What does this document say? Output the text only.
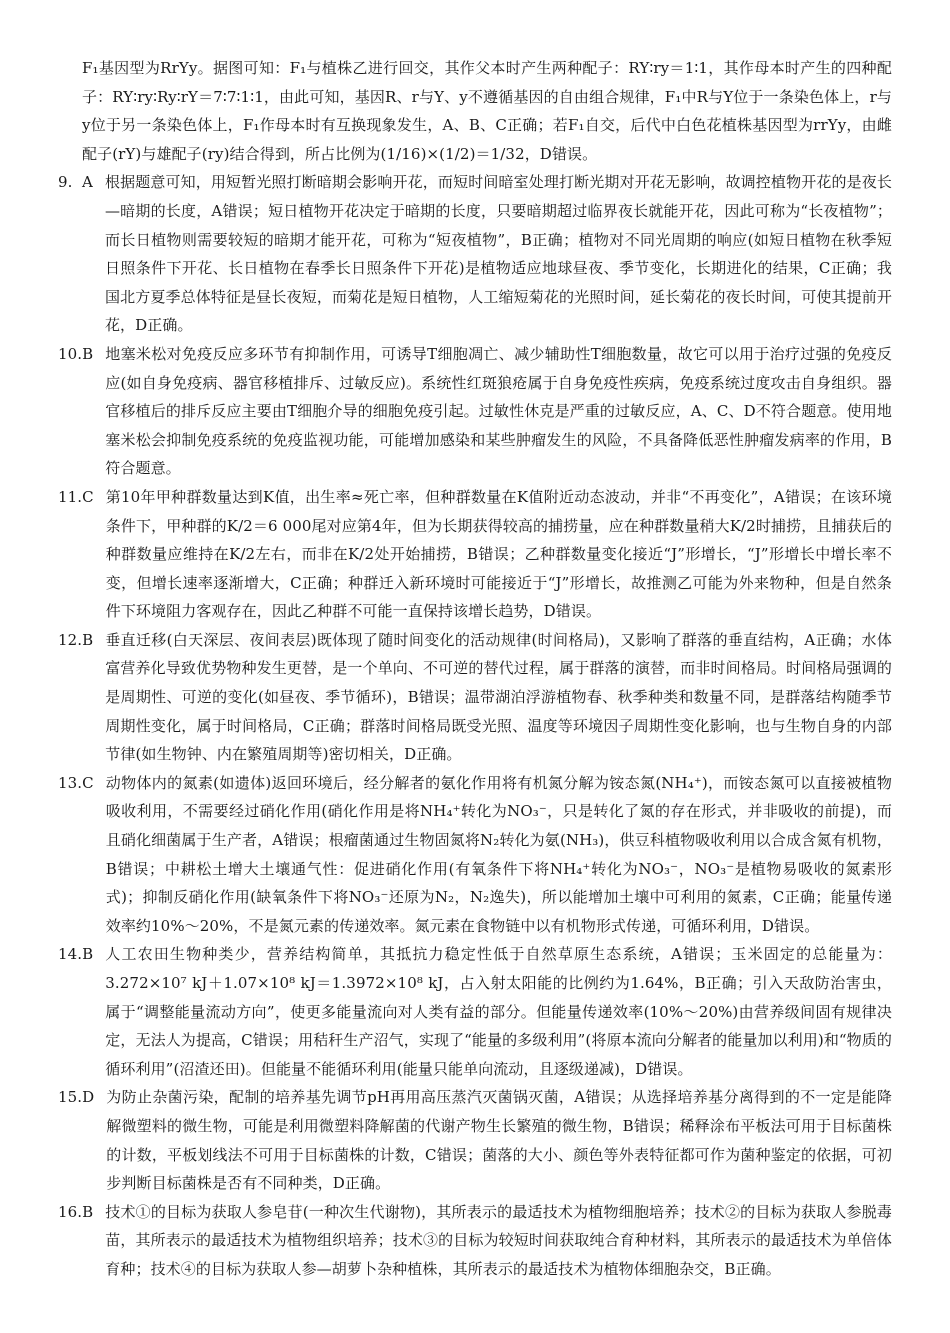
F₁基因型为RrYy。据图可知：F₁与植株乙进行回交，其作父本时产生两种配子：RY∶ry＝1∶1，其作母本时产生的四种配子：RY∶ry∶Ry∶rY＝7∶7∶1∶1，由此可知，基因R、r与Y、y不遵循基因的自由组合规律，F₁中R与Y位于一条染色体上，r与y位于另一条染色体上，F₁作母本时有互换现象发生，A、B、C正确；若F₁自交，后代中白色花植株基因型为rrYy，由雌配子(rY)与雄配子(ry)结合得到，所占比例为(1/16)×(1/2)＝1/32，D错误。
9. A 根据题意可知，用短暂光照打断暗期会影响开花，而短时间暗室处理打断光期对开花无影响，故调控植物开花的是夜长—暗期的长度，A错误；短日植物开花决定于暗期的长度，只要暗期超过临界夜长就能开花，因此可称为“长夜植物”；而长日植物则需要较短的暗期才能开花，可称为“短夜植物”，B正确；植物对不同光周期的响应(如短日植物在秋季短日照条件下开花、长日植物在春季长日照条件下开花)是植物适应地球昼夜、季节变化，长期进化的结果，C正确；我国北方夏季总体特征是昼长夜短，而菊花是短日植物，人工缩短菊花的光照时间，延长菊花的夜长时间，可使其提前开花，D正确。
10. B 地塞米松对免疫反应多环节有抑制作用，可诱导T细胞凋亡、减少辅助性T细胞数量，故它可以用于治疗过强的免疫反应(如自身免疫病、器官移植排斥、过敏反应)。系统性红斑狼疮属于自身免疫性疾病，免疫系统过度攻击自身组织。器官移植后的排斥反应主要由T细胞介导的细胞免疫引起。过敏性休克是严重的过敏反应，A、C、D不符合题意。使用地塞米松会抑制免疫系统的免疫监视功能，可能增加感染和某些肿瘤发生的风险，不具备降低恶性肿瘤发病率的作用，B符合题意。
11. C 第10年甲种群数量达到K值，出生率≈死亡率，但种群数量在K值附近动态波动，并非“不再变化”，A错误；在该环境条件下，甲种群的K/2＝6 000尾对应第4年，但为长期获得较高的捕捞量，应在种群数量稍大K/2时捕捞，且捕获后的种群数量应维持在K/2左右，而非在K/2处开始捕捞，B错误；乙种群数量变化接近“J”形增长，“J”形增长中增长率不变，但增长速率逐渐增大，C正确；种群迁入新环境时可能接近于“J”形增长，故推测乙可能为外来物种，但是自然条件下环境阻力客观存在，因此乙种群不可能一直保持该增长趋势，D错误。
12. B 垂直迁移(白天深层、夜间表层)既体现了随时间变化的活动规律(时间格局)，又影响了群落的垂直结构，A正确；水体富营养化导致优势物种发生更替，是一个单向、不可逆的替代过程，属于群落的演替，而非时间格局。时间格局强调的是周期性、可逆的变化(如昼夜、季节循环)，B错误；温带湖泊浮游植物春、秋季种类和数量不同，是群落结构随季节周期性变化，属于时间格局，C正确；群落时间格局既受光照、温度等环境因子周期性变化影响，也与生物自身的内部节律(如生物钟、内在繁殖周期等)密切相关，D正确。
13. C 动物体内的氮素(如遗体)返回环境后，经分解者的氨化作用将有机氮分解为铵态氮(NH₄⁺)，而铵态氮可以直接被植物吸收利用，不需要经过硝化作用(硝化作用是将NH₄⁺转化为NO₃⁻，只是转化了氮的存在形式，并非吸收的前提)，而且硝化细菌属于生产者，A错误；根瘤菌通过生物固氮将N₂转化为氨(NH₃)，供豆科植物吸收利用以合成含氮有机物，B错误；中耕松土增大土壤通气性：促进硝化作用(有氧条件下将NH₄⁺转化为NO₃⁻，NO₃⁻是植物易吸收的氮素形式)；抑制反硝化作用(缺氧条件下将NO₃⁻还原为N₂，N₂逸失)，所以能增加土壤中可利用的氮素，C正确；能量传递效率约10%～20%，不是氮元素的传递效率。氮元素在食物链中以有机物形式传递，可循环利用，D错误。
14. B 人工农田生物种类少，营养结构简单，其抵抗力稳定性低于自然草原生态系统，A错误；玉米固定的总能量为：3.272×10⁷ kJ＋1.07×10⁸ kJ＝1.3972×10⁸ kJ，占入射太阳能的比例约为1.64%，B正确；引入天敌防治害虫，属于“调整能量流动方向”，使更多能量流向对人类有益的部分。但能量传递效率(10%～20%)由营养级间固有规律决定，无法人为提高，C错误；用秸秆生产沼气，实现了“能量的多级利用”(将原本流向分解者的能量加以利用)和“物质的循环利用”(沼渣还田)。但能量不能循环利用(能量只能单向流动，且逐级递减)，D错误。
15. D 为防止杂菌污染，配制的培养基先调节pH再用高压蒸汽灭菌锅灭菌，A错误；从选择培养基分离得到的不一定是能降解微塑料的微生物，可能是利用微塑料降解菌的代谢产物生长繁殖的微生物，B错误；稀释涂布平板法可用于目标菌株的计数，平板划线法不可用于目标菌株的计数，C错误；菌落的大小、颜色等外表特征都可作为菌种鉴定的依据，可初步判断目标菌株是否有不同种类，D正确。
16. B 技术①的目标为获取人参皂苷(一种次生代谢物)，其所表示的最适技术为植物细胞培养；技术②的目标为获取人参脱毒苗，其所表示的最适技术为植物组织培养；技术③的目标为较短时间获取纯合育种材料，其所表示的最适技术为单倍体育种；技术④的目标为获取人参—胡萝卜杂种植株，其所表示的最适技术为植物体细胞杂交，B正确。
